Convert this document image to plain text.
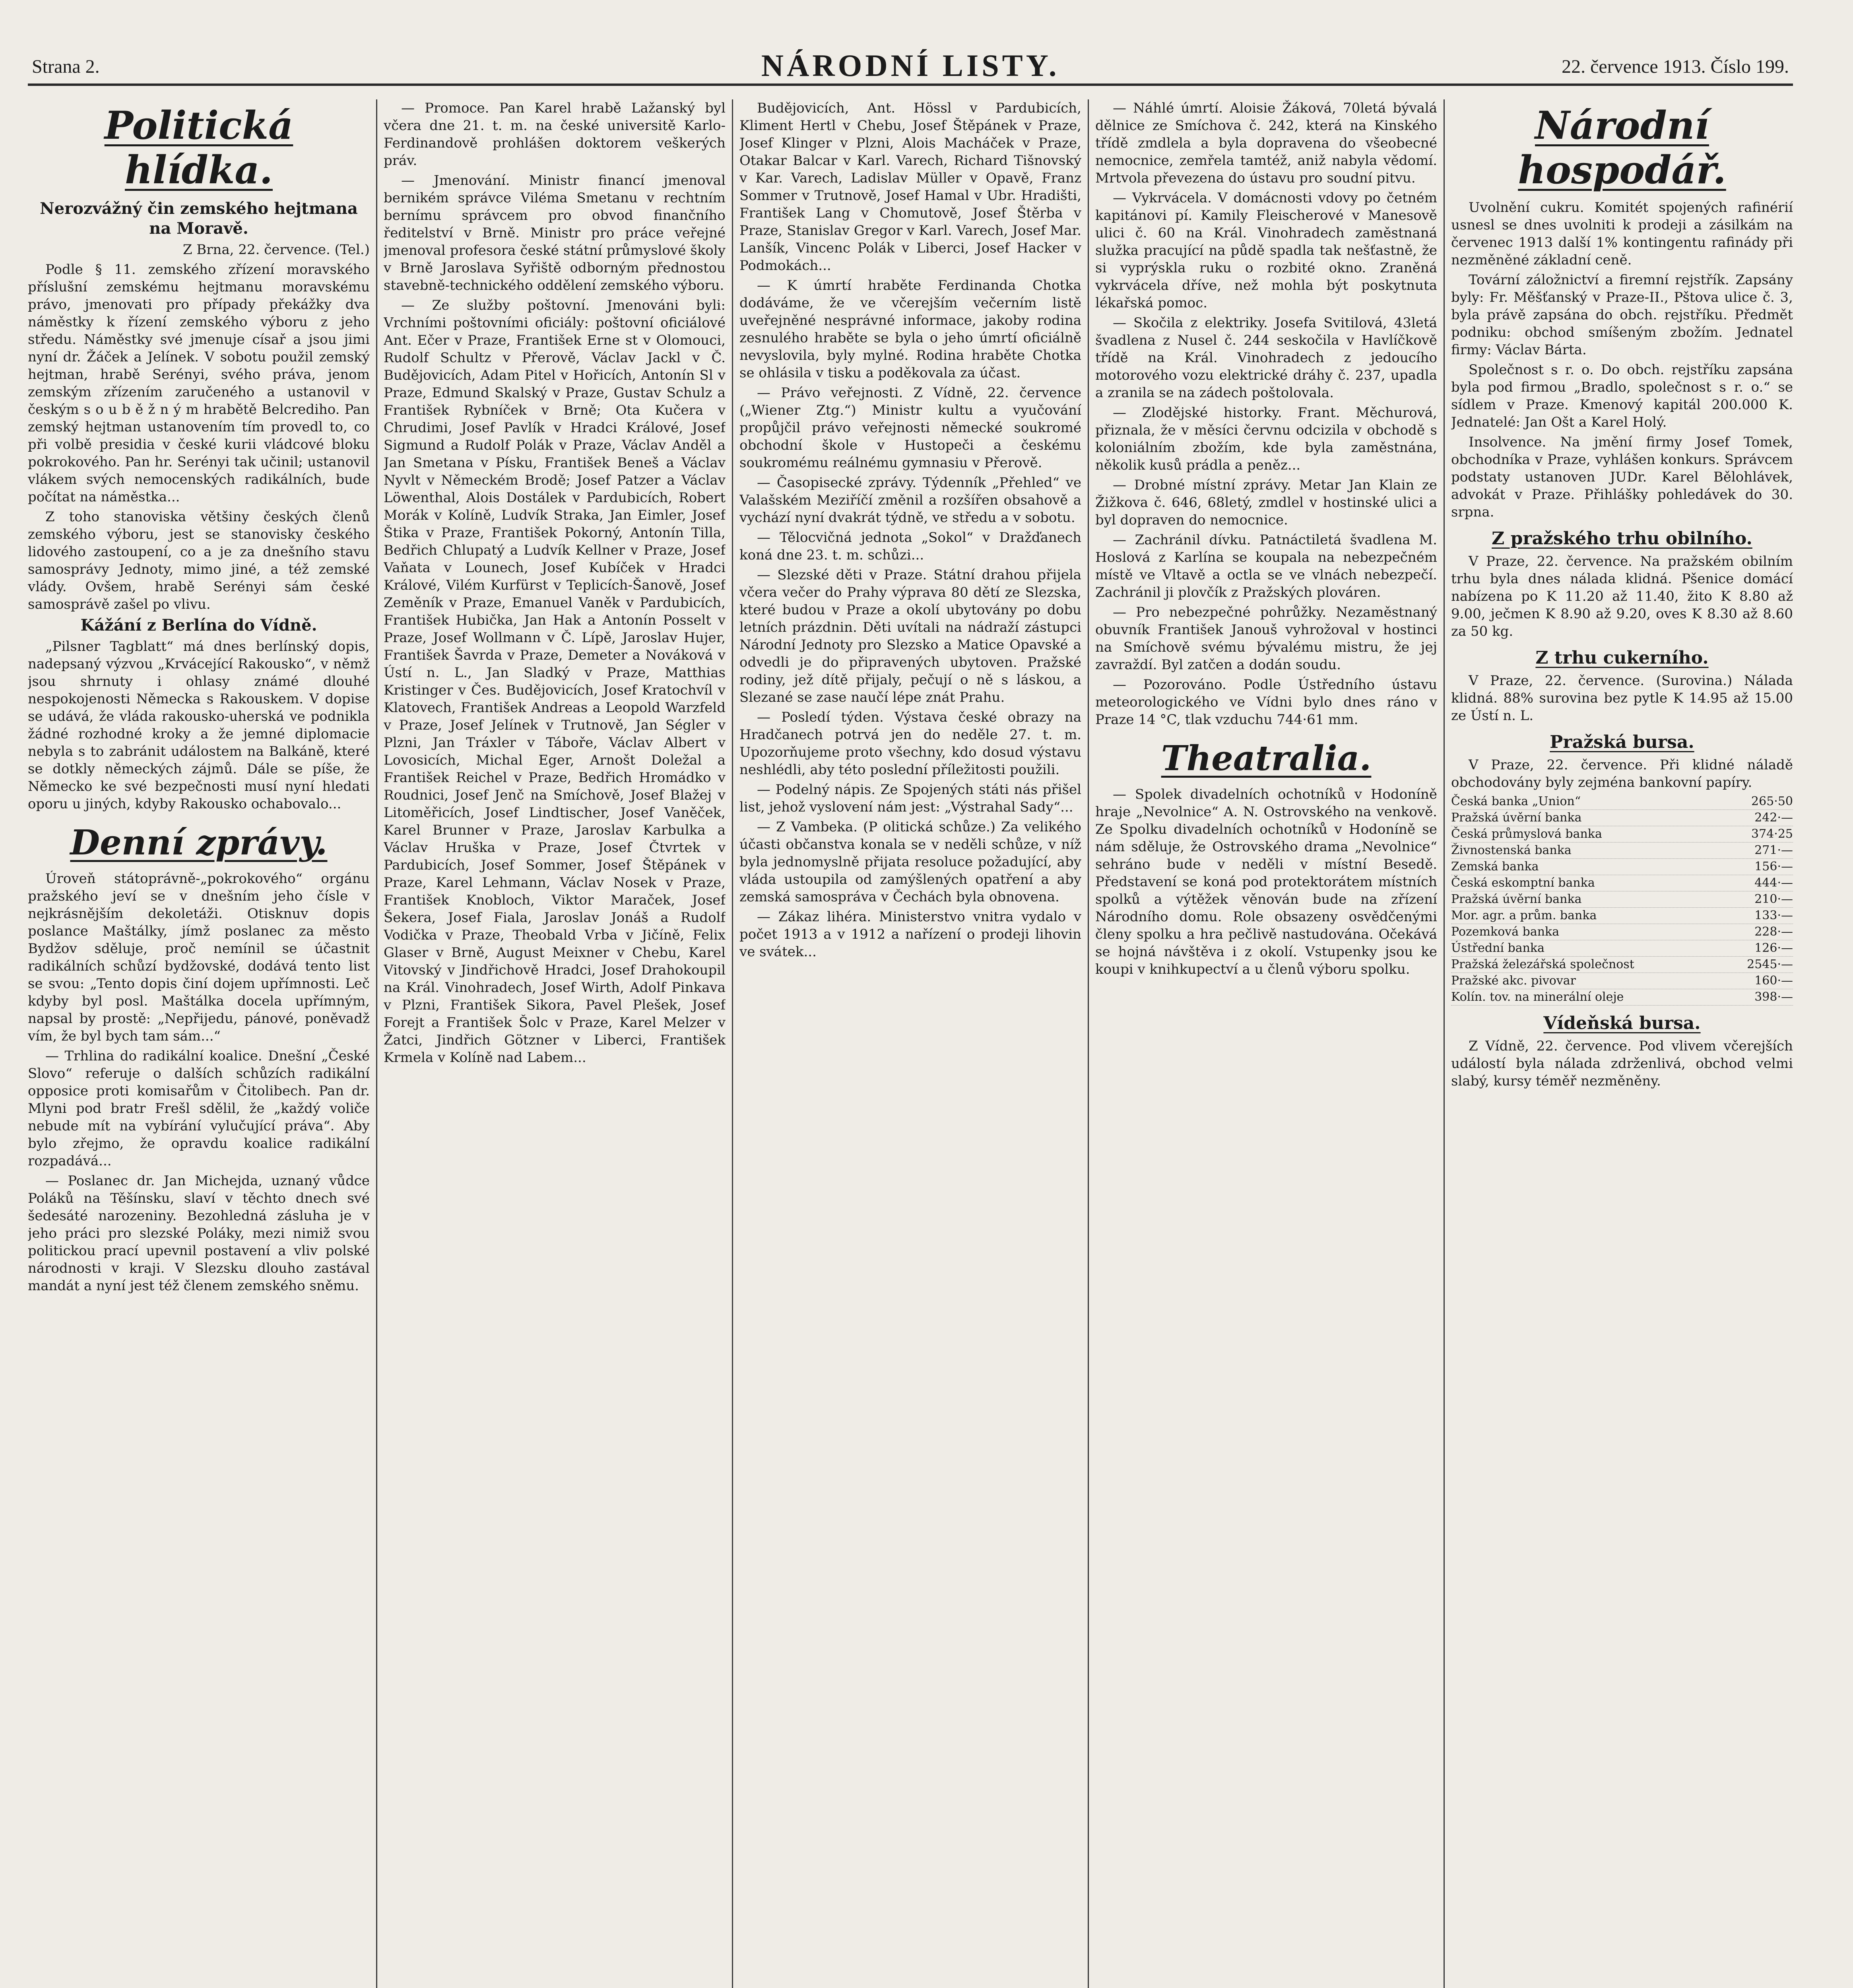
Strana 2.	NÁRODNÍ LISTY.	22. července 1913. Číslo 199.
Politická hlídka.
Nerozvážný čin zemského hejtmana na Moravě.
Z Brna, 22. července. (Tel.)

Podle § 11. zemského zřízení moravského příslušní zemskému hejtmanu moravskému právo, jmenovati pro případy překážky dva náměstky k řízení zemského výboru z jeho středu. Náměstky své jmenuje císař a jsou jimi nyní dr. Žáček a Jelínek. V sobotu použil zemský hejtman, hrabě Serényi, svého práva, jenom zemským zřízením zaručeného a ustanovil v českým s o u b ě ž n ý m hrabětě Belcrediho. Pan zemský hejtman ustanovením tím provedl to, co při volbě presidia v české kurii vládcové bloku pokrokového. Pan hr. Serényi tak učinil; ustanovil vlákem svých nemocenských radikálních, bude počítat na náměstka...

Z toho stanoviska většiny českých členů zemského výboru, jest se stanovisky českého lidového zastoupení, co a je za dnešního stavu samosprávy Jednoty, mimo jiné, a též zemské vlády. Ovšem, hrabě Serényi sám české samosprávě zašel po vlivu.

Kážání z Berlína do Vídně.

„Pilsner Tagblatt“ má dnes berlínský dopis, nadepsaný výzvou „Krvácející Rakousko“, v němž jsou shrnuty i ohlasy známé dlouhé nespokojenosti Německa s Rakouskem. V dopise se udává, že vláda rakousko-uherská ve podnikla žádné rozhodné kroky a že jemné diplomacie nebyla s to zabránit událostem na Balkáně, které se dotkly německých zájmů. Dále se píše, že Německo ke své bezpečnosti musí nyní hledati oporu u jiných, kdyby Rakousko ochabovalo...

Denní zprávy.

Úroveň státoprávně-„pokrokového“ orgánu pražského jeví se v dnešním jeho čísle v nejkrásnějším dekoletáži. Otisknuv dopis poslance Maštálky, jímž poslanec za město Bydžov sděluje, proč nemínil se účastnit radikálních schůzí bydžovské, dodává tento list se svou: „Tento dopis činí dojem upřímnosti. Leč kdyby byl posl. Maštálka docela upřímným, napsal by prostě: „Nepřijedu, pánové, poněvadž vím, že byl bych tam sám...“

— Trhlina do radikální koalice. Dnešní „České Slovo“ referuje o dalších schůzích radikální opposice proti komisařům v Čitolibech. Pan dr. Mlyni pod bratr Frešl sdělil, že „každý voliče nebude mít na vybírání vylučující práva“. Aby bylo zřejmo, že opravdu koalice radikální rozpadává...

— Poslanec dr. Jan Michejda, uznaný vůdce Poláků na Těšínsku, slaví v těchto dnech své šedesáté narozeniny. Bezohledná zásluha je v jeho práci pro slezské Poláky, mezi nimiž svou politickou prací upevnil postavení a vliv polské národnosti v kraji. V Slezsku dlouho zastával mandát a nyní jest též členem zemského sněmu.

— Promoce. Pan Karel hrabě Lažanský byl včera dne 21. t. m. na české universitě Karlo-Ferdinandově prohlášen doktorem veškerých práv.

— Jmenování. Ministr financí jmenoval bernikém správce Viléma Smetanu v rechtním bernímu správcem pro obvod finančního ředitelství v Brně. Ministr pro práce veřejné jmenoval profesora české státní průmyslové školy v Brně Jaroslava Syřiště odborným přednostou stavebně-technického oddělení zemského výboru.

— Ze služby poštovní. Jmenováni byli: Vrchními poštovními oficiály: poštovní oficiálové Ant. Ečer v Praze, František Erne st v Olomouci, Rudolf Schultz v Přerově, Václav Jackl v Č. Budějovicích, Adam Pitel v Hořicích, Antonín Sl v Praze, Edmund Skalský v Praze, Gustav Schulz a František Rybníček v Brně; Ota Kučera v Chrudimi, Josef Pavlík v Hradci Králové, Josef Sigmund a Rudolf Polák v Praze, Václav Anděl a Jan Smetana v Písku, František Beneš a Václav Nyvlt v Německém Brodě; Josef Patzer a Václav Löwenthal, Alois Dostálek v Pardubicích, Robert Morák v Kolíně, Ludvík Straka, Jan Eimler, Josef Štika v Praze, František Pokorný, Antonín Tilla, Bedřich Chlupatý a Ludvík Kellner v Praze, Josef Vaňata v Lounech, Josef Kubíček v Hradci Králové, Vilém Kurfürst v Teplicích-Šanově, Josef Zeměník v Praze, Emanuel Vaněk v Pardubicích, František Hubička, Jan Hak a Antonín Posselt v Praze, Josef Wollmann v Č. Lípě, Jaroslav Hujer, František Šavrda v Praze, Demeter a Nováková v Ústí n. L., Jan Sladký v Praze, Matthias Kristinger v Čes. Budějovicích, Josef Kratochvíl v Klatovech, František Andreas a Leopold Warzfeld v Praze, Josef Jelínek v Trutnově, Jan Ségler v Plzni, Jan Tráxler v Táboře, Václav Albert v Lovosicích, Michal Eger, Arnošt Doležal a František Reichel v Praze, Bedřich Hromádko v Roudnici, Josef Jenč na Smíchově, Josef Blažej v Litoměřicích, Josef Lindtischer, Josef Vaněček, Karel Brunner v Praze, Jaroslav Karbulka a Václav Hruška v Praze, Josef Čtvrtek v Pardubicích, Josef Sommer, Josef Štěpánek v Praze, Karel Lehmann, Václav Nosek v Praze, František Knobloch, Viktor Maraček, Josef Šekera, Josef Fiala, Jaroslav Jonáš a Rudolf Vodička v Praze, Theobald Vrba v Jičíně, Felix Glaser v Brně, August Meixner v Chebu, Karel Vitovský v Jindřichově Hradci, Josef Drahokoupil na Král. Vinohradech, Josef Wirth, Adolf Pinkava v Plzni, František Sikora, Pavel Plešek, Josef Forejt a František Šolc v Praze, Karel Melzer v Žatci, Jindřich Götzner v Liberci, František Krmela v Kolíně nad Labem...

Budějovicích, Ant. Hössl v Pardubicích, Kliment Hertl v Chebu, Josef Štěpánek v Praze, Josef Klinger v Plzni, Alois Macháček v Praze, Otakar Balcar v Karl. Varech, Richard Tišnovský v Kar. Varech, Ladislav Müller v Opavě, Franz Sommer v Trutnově, Josef Hamal v Ubr. Hradišti, František Lang v Chomutově, Josef Štěrba v Praze, Stanislav Gregor v Karl. Varech, Josef Mar. Lanšík, Vincenc Polák v Liberci, Josef Hacker v Podmokách...

— K úmrtí hraběte Ferdinanda Chotka dodáváme, že ve včerejším večerním listě uveřejněné nesprávné informace, jakoby rodina zesnulého hraběte se byla o jeho úmrtí oficiálně nevyslovila, byly mylné. Rodina hraběte Chotka se ohlásila v tisku a poděkovala za účast.

— Právo veřejnosti. Z Vídně, 22. července („Wiener Ztg.“) Ministr kultu a vyučování propůjčil právo veřejnosti německé soukromé obchodní škole v Hustopeči a českému soukromému reálnému gymnasiu v Přerově.

— Časopisecké zprávy. Týdenník „Přehled“ ve Valašském Meziříčí změnil a rozšířen obsahově a vychází nyní dvakrát týdně, ve středu a v sobotu.

— Tělocvičná jednota „Sokol“ v Dražďanech koná dne 23. t. m. schůzi...

— Slezské děti v Praze. Státní drahou přijela včera večer do Prahy výprava 80 dětí ze Slezska, které budou v Praze a okolí ubytovány po dobu letních prázdnin. Děti uvítali na nádraží zástupci Národní Jednoty pro Slezsko a Matice Opavské a odvedli je do připravených ubytoven. Pražské rodiny, jež dítě přijaly, pečují o ně s láskou, a Slezané se zase naučí lépe znát Prahu.

— Posledí týden. Výstava české obrazy na Hradčanech potrvá jen do neděle 27. t. m. Upozorňujeme proto všechny, kdo dosud výstavu neshlédli, aby této poslední příležitosti použili.

— Podelný nápis. Ze Spojených státi nás přišel list, jehož vyslovení nám jest: „Výstrahal Sady“...

— Z Vambeka. (P olitická schůze.) Za velikého účasti občanstva konala se v neděli schůze, v níž byla jednomyslně přijata resoluce požadující, aby vláda ustoupila od zamýšlených opatření a aby zemská samospráva v Čechách byla obnovena.

— Zákaz lihéra. Ministerstvo vnitra vydalo v počet 1913 a v 1912 a nařízení o prodeji lihovin ve svátek...

— Náhlé úmrtí. Aloisie Žáková, 70letá bývalá dělnice ze Smíchova č. 242, která na Kinského třídě zmdlela a byla dopravena do všeobecné nemocnice, zemřela tamtéž, aniž nabyla vědomí. Mrtvola převezena do ústavu pro soudní pitvu.

— Vykrvácela. V domácnosti vdovy po četném kapitánovi pí. Kamily Fleischerové v Manesově ulici č. 60 na Král. Vinohradech zaměstnaná služka pracující na půdě spadla tak nešťastně, že si vyprýskla ruku o rozbité okno. Zraněná vykrvácela dříve, než mohla být poskytnuta lékařská pomoc.

— Skočila z elektriky. Josefa Svitilová, 43letá švadlena z Nusel č. 244 seskočila v Havlíčkově třídě na Král. Vinohradech z jedoucího motorového vozu elektrické dráhy č. 237, upadla a zranila se na zádech poštolovala.

— Zlodějské historky. Frant. Měchurová, přiznala, že v měsíci červnu odcizila v obchodě s koloniálním zbožím, kde byla zaměstnána, několik kusů prádla a peněz...

— Drobné místní zprávy. Metar Jan Klain ze Žižkova č. 646, 68letý, zmdlel v hostinské ulici a byl dopraven do nemocnice.

— Zachránil dívku. Patnáctiletá švadlena M. Hoslová z Karlína se koupala na nebezpečném místě ve Vltavě a octla se ve vlnách nebezpečí. Zachránil ji plovčík z Pražských plováren.

— Pro nebezpečné pohrůžky. Nezaměstnaný obuvník František Janouš vyhrožoval v hostinci na Smíchově svému bývalému mistru, že jej zavraždí. Byl zatčen a dodán soudu.

— Pozorováno. Podle Ústředního ústavu meteorologického ve Vídni bylo dnes ráno v Praze 14 °C, tlak vzduchu 744·61 mm.

Theatralia.

— Spolek divadelních ochotníků v Hodoníně hraje „Nevolnice“ A. N. Ostrovského na venkově. Ze Spolku divadelních ochotníků v Hodoníně se nám sděluje, že Ostrovského drama „Nevolnice“ sehráno bude v neděli v místní Besedě. Představení se koná pod protektorátem místních spolků a výtěžek věnován bude na zřízení Národního domu. Role obsazeny osvědčenými členy spolku a hra pečlivě nastudována. Očekává se hojná návštěva i z okolí. Vstupenky jsou ke koupi v knihkupectví a u členů výboru spolku.

Národní hospodář.

Uvolnění cukru. Komitét spojených rafinérií usnesl se dnes uvolniti k prodeji a zásilkám na červenec 1913 další 1% kontingentu rafinády při nezměněné základní ceně.

Tovární záložnictví a firemní rejstřík. Zapsány byly: Fr. Měšťanský v Praze-II., Pštova ulice č. 3, byla právě zapsána do obch. rejstříku. Předmět podniku: obchod smíšeným zbožím. Jednatel firmy: Václav Bárta.

Společnost s r. o. Do obch. rejstříku zapsána byla pod firmou „Bradlo, společnost s r. o.“ se sídlem v Praze. Kmenový kapitál 200.000 K. Jednatelé: Jan Ošt a Karel Holý.

Insolvence. Na jmění firmy Josef Tomek, obchodníka v Praze, vyhlášen konkurs. Správcem podstaty ustanoven JUDr. Karel Bělohlávek, advokát v Praze. Přihlášky pohledávek do 30. srpna.

Z pražského trhu obilního.

V Praze, 22. července. Na pražském obilním trhu byla dnes nálada klidná. Pšenice domácí nabízena po K 11.20 až 11.40, žito K 8.80 až 9.00, ječmen K 8.90 až 9.20, oves K 8.30 až 8.60 za 50 kg.

Z trhu cukerního.

V Praze, 22. července. (Surovina.) Nálada klidná. 88% surovina bez pytle K 14.95 až 15.00 ze Ústí n. L.

Pražská bursa.

V Praze, 22. července. Při klidné náladě obchodovány byly zejména bankovní papíry.

Česká banka „Union“	265·50
Pražská úvěrní banka	242·—
Česká průmyslová banka	374·25
Živnostenská banka	271·—
Zemská banka	156·—
Česká eskomptní banka	444·—
Pražská úvěrní banka	210·—
Mor. agr. a prům. banka	133·—
Pozemková banka	228·—
Ústřední banka	126·—
Pražská železářská společnost	2545·—
Pražské akc. pivovar	160·—
Kolín. tov. na minerální oleje	398·—
Vídeňská bursa.

Z Vídně, 22. července. Pod vlivem včerejších událostí byla nálada zdrženlivá, obchod velmi slabý, kursy téměř nezměněny.
